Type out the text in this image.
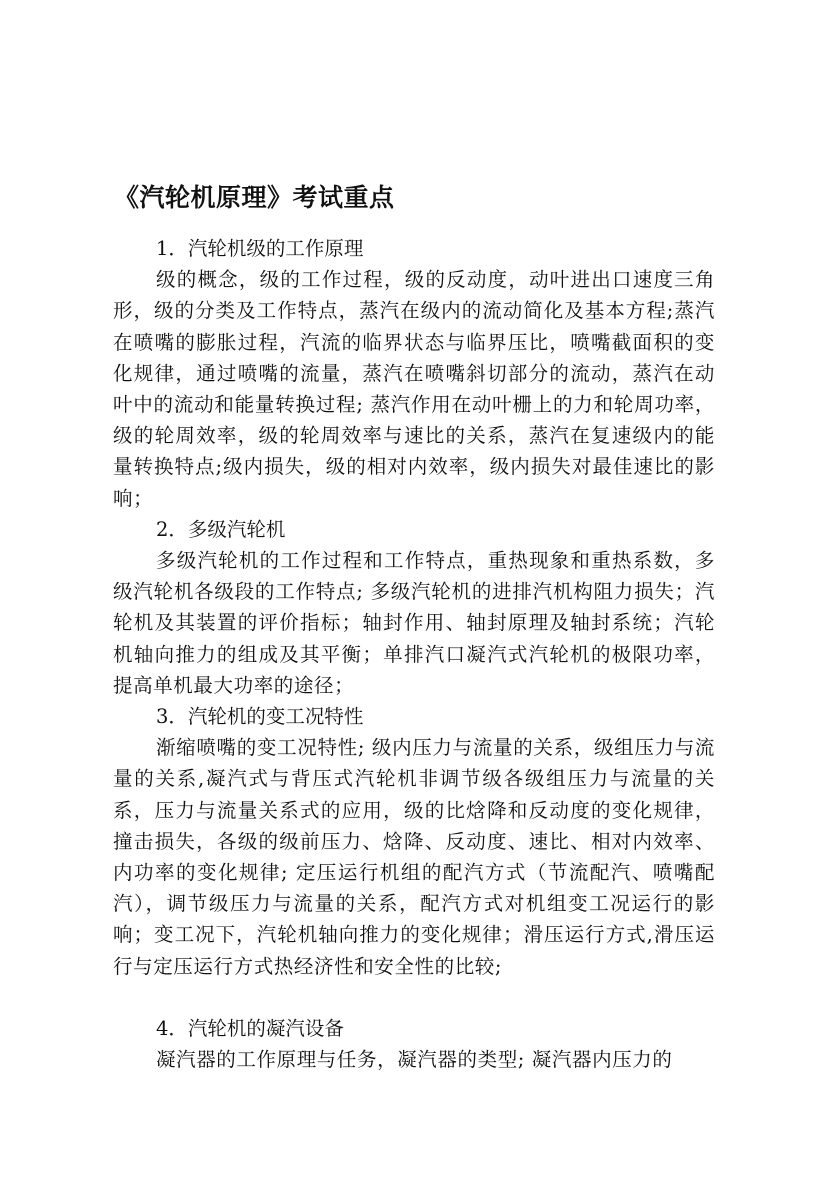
《汽轮机原理》考试重点

1．汽轮机级的工作原理

级的概念，级的工作过程，级的反动度，动叶进出口速度三角形，级的分类及工作特点，蒸汽在级内的流动简化及基本方程;蒸汽在喷嘴的膨胀过程，汽流的临界状态与临界压比，喷嘴截面积的变化规律，通过喷嘴的流量，蒸汽在喷嘴斜切部分的流动，蒸汽在动叶中的流动和能量转换过程; 蒸汽作用在动叶栅上的力和轮周功率，级的轮周效率，级的轮周效率与速比的关系，蒸汽在复速级内的能量转换特点;级内损失，级的相对内效率，级内损失对最佳速比的影响；

2．多级汽轮机

多级汽轮机的工作过程和工作特点，重热现象和重热系数，多级汽轮机各级段的工作特点; 多级汽轮机的进排汽机构阻力损失；汽轮机及其装置的评价指标；轴封作用、轴封原理及轴封系统；汽轮机轴向推力的组成及其平衡；单排汽口凝汽式汽轮机的极限功率，提高单机最大功率的途径；

3．汽轮机的变工况特性

渐缩喷嘴的变工况特性; 级内压力与流量的关系，级组压力与流量的关系,凝汽式与背压式汽轮机非调节级各级组压力与流量的关系，压力与流量关系式的应用，级的比焓降和反动度的变化规律，撞击损失，各级的级前压力、焓降、反动度、速比、相对内效率、内功率的变化规律; 定压运行机组的配汽方式（节流配汽、喷嘴配汽），调节级压力与流量的关系，配汽方式对机组变工况运行的影响；变工况下，汽轮机轴向推力的变化规律；滑压运行方式,滑压运行与定压运行方式热经济性和安全性的比较;

4．汽轮机的凝汽设备

凝汽器的工作原理与任务，凝汽器的类型; 凝汽器内压力的
